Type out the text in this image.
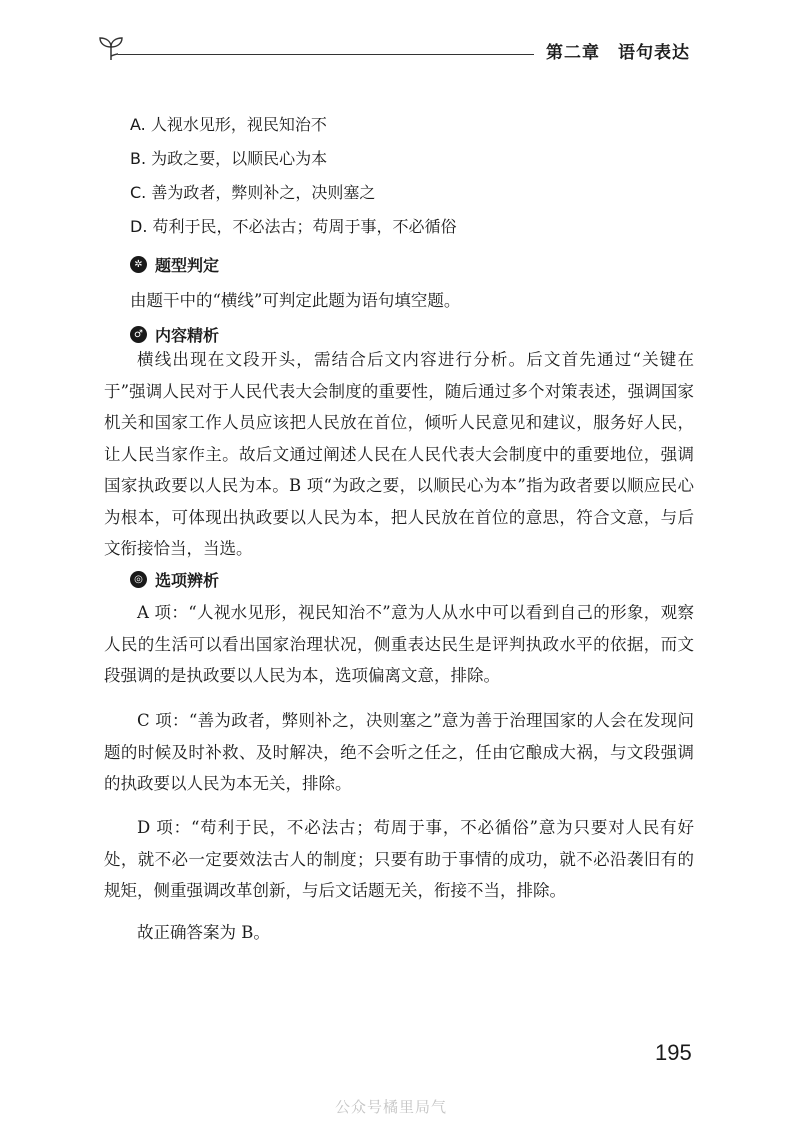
第二章 语句表达
A. 人视水见形，视民知治不
B. 为政之要，以顺民心为本
C. 善为政者，弊则补之，决则塞之
D. 苟利于民，不必法古；苟周于事，不必循俗
✲ 题型判定
由题干中的“横线”可判定此题为语句填空题。
♂ 内容精析

横线出现在文段开头，需结合后文内容进行分析。后文首先通过“关键在于”强调人民对于人民代表大会制度的重要性，随后通过多个对策表述，强调国家机关和国家工作人员应该把人民放在首位，倾听人民意见和建议，服务好人民，让人民当家作主。故后文通过阐述人民在人民代表大会制度中的重要地位，强调国家执政要以人民为本。B 项“为政之要，以顺民心为本”指为政者要以顺应民心为根本，可体现出执政要以人民为本，把人民放在首位的意思，符合文意，与后文衔接恰当，当选。

◎ 选项辨析

A 项：“人视水见形，视民知治不”意为人从水中可以看到自己的形象，观察人民的生活可以看出国家治理状况，侧重表达民生是评判执政水平的依据，而文段强调的是执政要以人民为本，选项偏离文意，排除。

C 项：“善为政者，弊则补之，决则塞之”意为善于治理国家的人会在发现问题的时候及时补救、及时解决，绝不会听之任之，任由它酿成大祸，与文段强调的执政要以人民为本无关，排除。

D 项：“苟利于民，不必法古；苟周于事，不必循俗”意为只要对人民有好处，就不必一定要效法古人的制度；只要有助于事情的成功，就不必沿袭旧有的规矩，侧重强调改革创新，与后文话题无关，衔接不当，排除。

故正确答案为 B。

195
公众号橘里局气
